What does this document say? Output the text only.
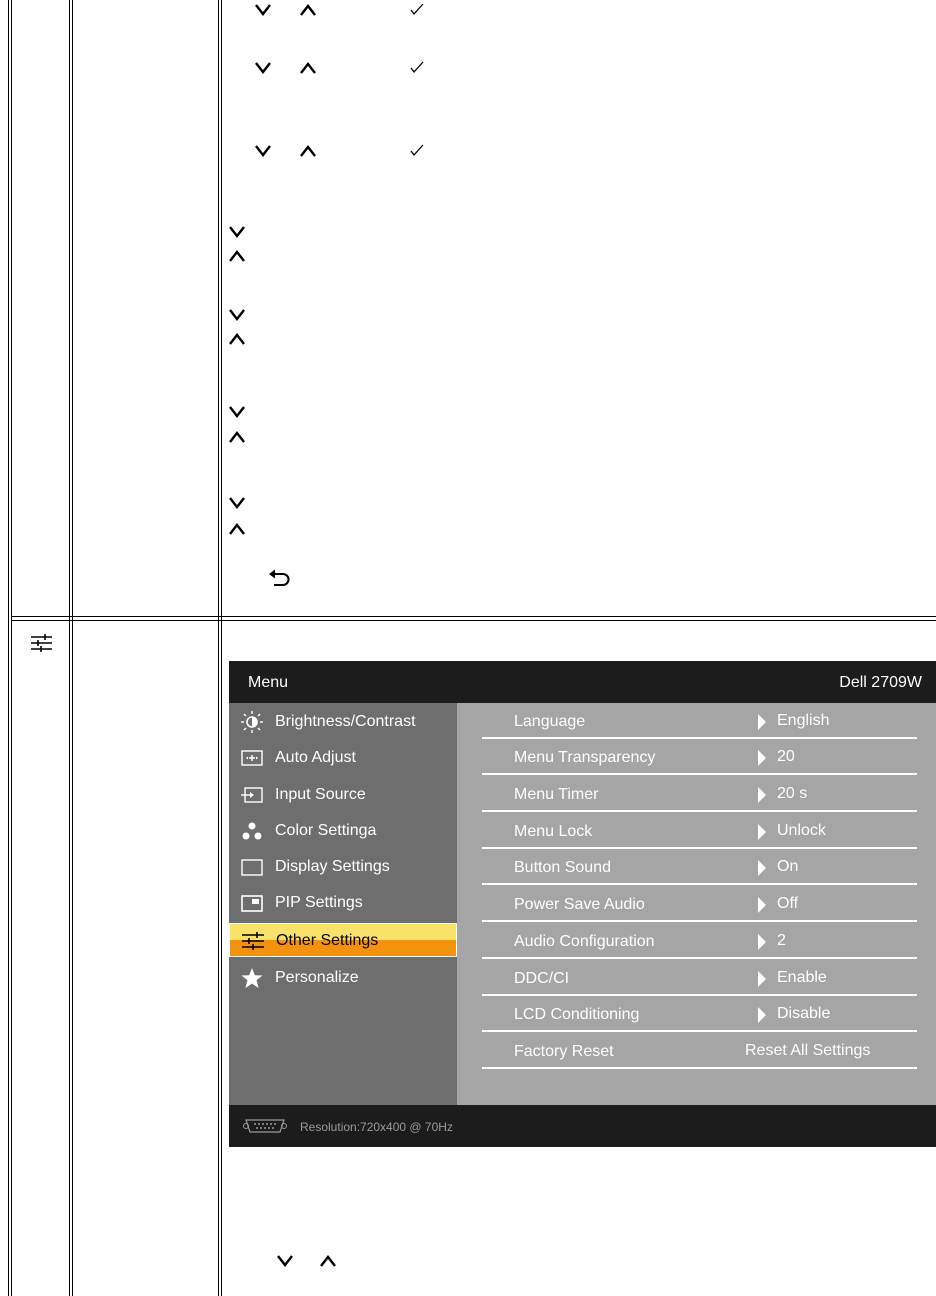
Menu	Dell 2709W
Brightness/Contrast
Auto Adjust
Input Source
Color Settinga
Display Settings
PIP Settings
Other Settings
Personalize
Language	English
Menu Transparency	20
Menu Timer	20 s
Menu Lock	Unlock
Button Sound	On
Power Save Audio	Off
Audio Configuration	2
DDC/CI	Enable
LCD Conditioning	Disable
Factory Reset	Reset All Settings
Resolution:720x400 @ 70Hz
